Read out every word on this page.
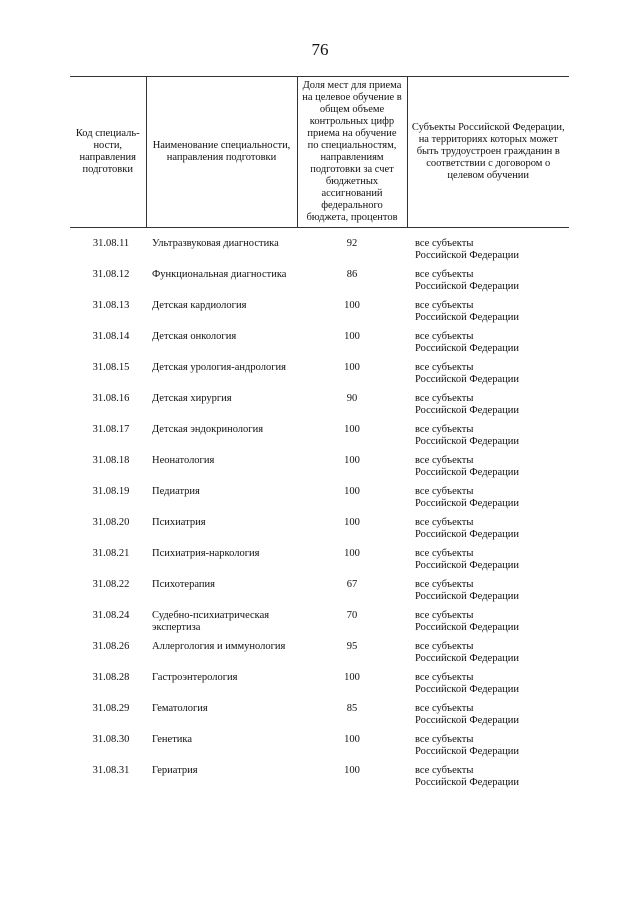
76
Код специаль- ности, направления подготовки	Наименование специальности, направления подготовки	Доля мест для приема на целевое обучение в общем объеме контрольных цифр приема на обучение по специальностям, направлениям подготовки за счет бюджетных ассигнований федерального бюджета, процентов	Субъекты Российской Федерации, на территориях которых может быть трудоустроен гражданин в соответствии с договором о целевом обучении
31.08.11	Ультразвуковая диагностика	92	все субъекты
Российской Федерации

31.08.12	Функциональная диагностика	86	все субъекты
Российской Федерации

31.08.13	Детская кардиология	100	все субъекты
Российской Федерации

31.08.14	Детская онкология	100	все субъекты
Российской Федерации

31.08.15	Детская урология-андрология	100	все субъекты
Российской Федерации

31.08.16	Детская хирургия	90	все субъекты
Российской Федерации

31.08.17	Детская эндокринология	100	все субъекты
Российской Федерации

31.08.18	Неонатология	100	все субъекты
Российской Федерации

31.08.19	Педиатрия	100	все субъекты
Российской Федерации

31.08.20	Психиатрия	100	все субъекты
Российской Федерации

31.08.21	Психиатрия-наркология	100	все субъекты
Российской Федерации

31.08.22	Психотерапия	67	все субъекты
Российской Федерации

31.08.24	Судебно-психиатрическая экспертиза	70	все субъекты
Российской Федерации

31.08.26	Аллергология и иммунология	95	все субъекты
Российской Федерации

31.08.28	Гастроэнтерология	100	все субъекты
Российской Федерации

31.08.29	Гематология	85	все субъекты
Российской Федерации

31.08.30	Генетика	100	все субъекты
Российской Федерации

31.08.31	Гериатрия	100	все субъекты
Российской Федерации
